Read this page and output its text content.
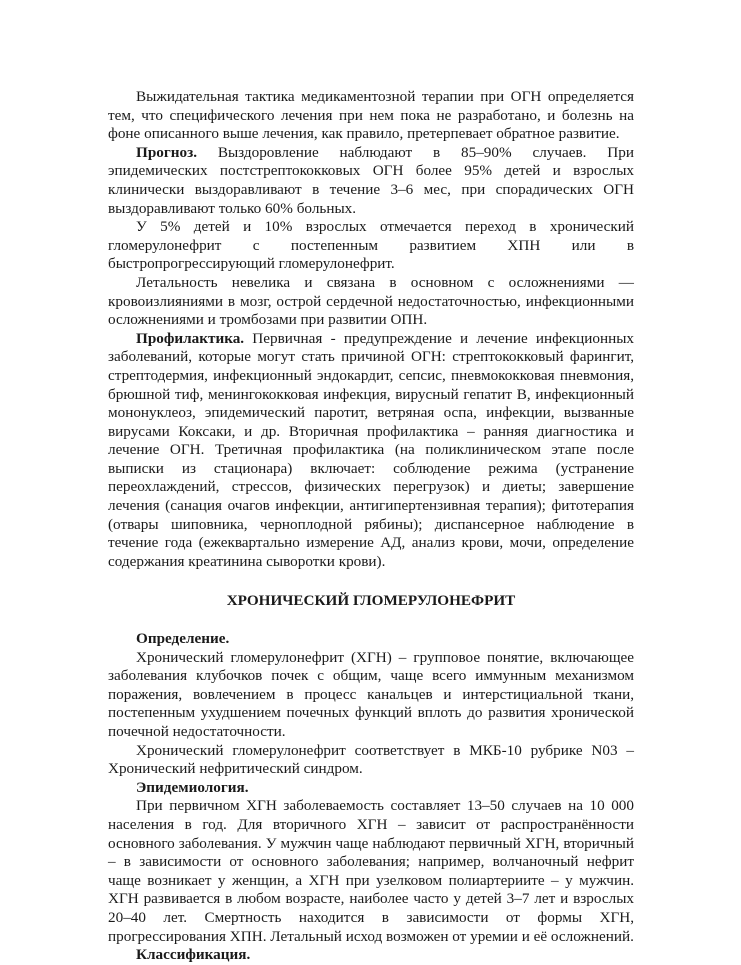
Выжидательная тактика медикаментозной терапии при ОГН определяется тем, что специфического лечения при нем пока не разработано, и болезнь на фоне описанного выше лечения, как правило, претерпевает обратное развитие.

Прогноз. Выздоровление наблюдают в 85–90% случаев. При эпидемических постстрептококковых ОГН более 95% детей и взрослых клинически выздоравливают в течение 3–6 мес, при спорадических ОГН выздоравливают только 60% больных.

У 5% детей и 10% взрослых отмечается переход в хронический гломерулонефрит с постепенным развитием ХПН или в быстропрогрессирующий гломерулонефрит.

Летальность невелика и связана в основном с осложнениями — кровоизлияниями в мозг, острой сердечной недостаточностью, инфекционными осложнениями и тромбозами при развитии ОПН.

Профилактика. Первичная - предупреждение и лечение инфекционных заболеваний, которые могут стать причиной ОГН: стрептококковый фарингит, стрептодермия, инфекционный эндокардит, сепсис, пневмококковая пневмония, брюшной тиф, менингококковая инфекция, вирусный гепатит В, инфекционный мононуклеоз, эпидемический паротит, ветряная оспа, инфекции, вызванные вирусами Коксаки, и др. Вторичная профилактика – ранняя диагностика и лечение ОГН. Третичная профилактика (на поликлиническом этапе после выписки из стационара) включает: соблюдение режима (устранение переохлаждений, стрессов, физических перегрузок) и диеты; завершение лечения (санация очагов инфекции, антигипертензивная терапия); фитотерапия (отвары шиповника, черноплодной рябины); диспансерное наблюдение в течение года (ежеквартально измерение АД, анализ крови, мочи, определение содержания креатинина сыворотки крови).

ХРОНИЧЕСКИЙ ГЛОМЕРУЛОНЕФРИТ

Определение.

Хронический гломерулонефрит (ХГН) – групповое понятие, включающее заболевания клубочков почек с общим, чаще всего иммунным механизмом поражения, вовлечением в процесс канальцев и интерстициальной ткани, постепенным ухудшением почечных функций вплоть до развития хронической почечной недостаточности.

Хронический гломерулонефрит соответствует в МКБ-10 рубрике N03 – Хронический нефритический синдром.

Эпидемиология.

При первичном ХГН заболеваемость составляет 13–50 случаев на 10 000 населения в год. Для вторичного ХГН – зависит от распространённости основного заболевания. У мужчин чаще наблюдают первичный ХГН, вторичный – в зависимости от основного заболевания; например, волчаночный нефрит чаще возникает у женщин, а ХГН при узелковом полиартериите – у мужчин. ХГН развивается в любом возрасте, наиболее часто у детей 3–7 лет и взрослых 20–40 лет. Смертность находится в зависимости от формы ХГН, прогрессирования ХПН. Летальный исход возможен от уремии и её осложнений.

Классификация.
